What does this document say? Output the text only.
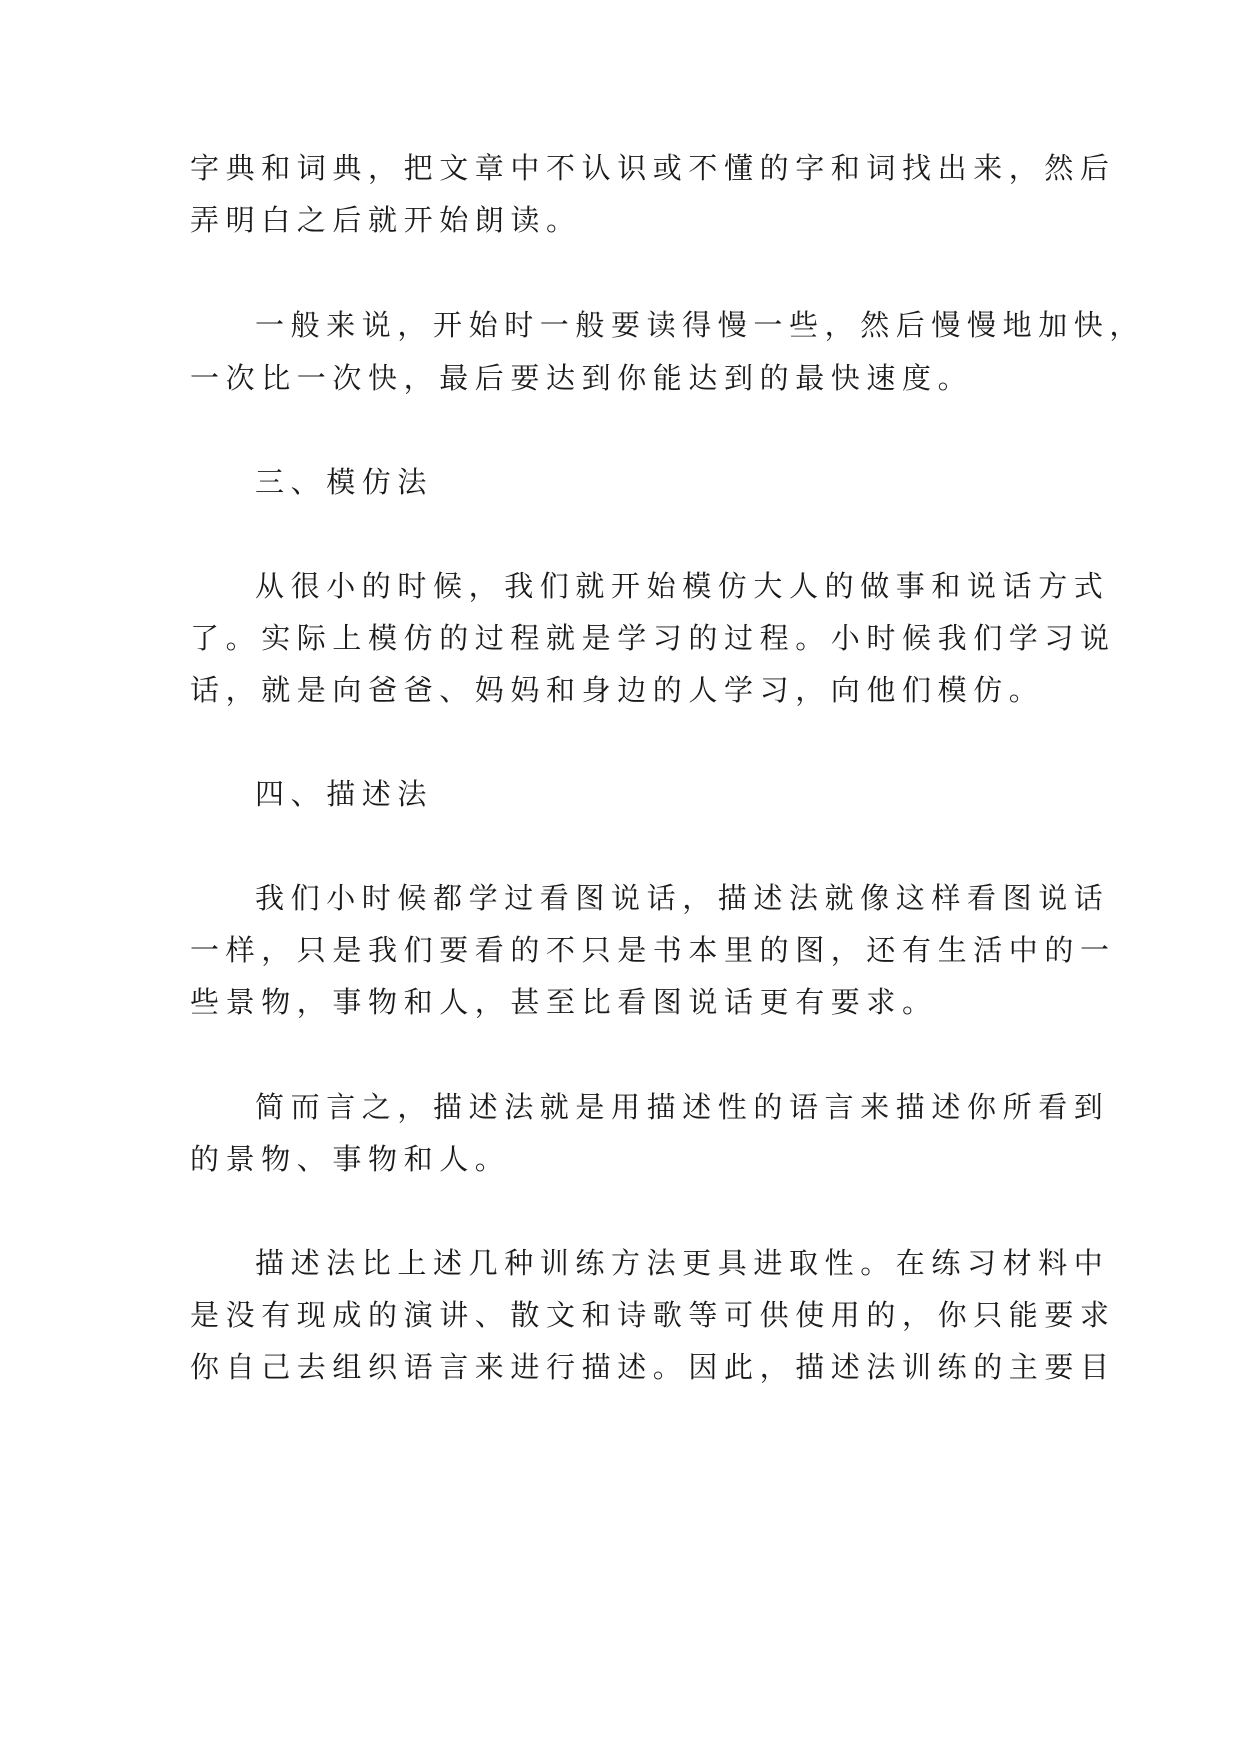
字典和词典，把文章中不认识或不懂的字和词找出来，然后
弄明白之后就开始朗读。
一般来说，开始时一般要读得慢一些，然后慢慢地加快，
一次比一次快，最后要达到你能达到的最快速度。
三、模仿法
从很小的时候，我们就开始模仿大人的做事和说话方式
了。实际上模仿的过程就是学习的过程。小时候我们学习说
话，就是向爸爸、妈妈和身边的人学习，向他们模仿。
四、描述法
我们小时候都学过看图说话，描述法就像这样看图说话
一样，只是我们要看的不只是书本里的图，还有生活中的一
些景物，事物和人，甚至比看图说话更有要求。
简而言之，描述法就是用描述性的语言来描述你所看到
的景物、事物和人。
描述法比上述几种训练方法更具进取性。在练习材料中
是没有现成的演讲、散文和诗歌等可供使用的，你只能要求
你自己去组织语言来进行描述。因此，描述法训练的主要目
